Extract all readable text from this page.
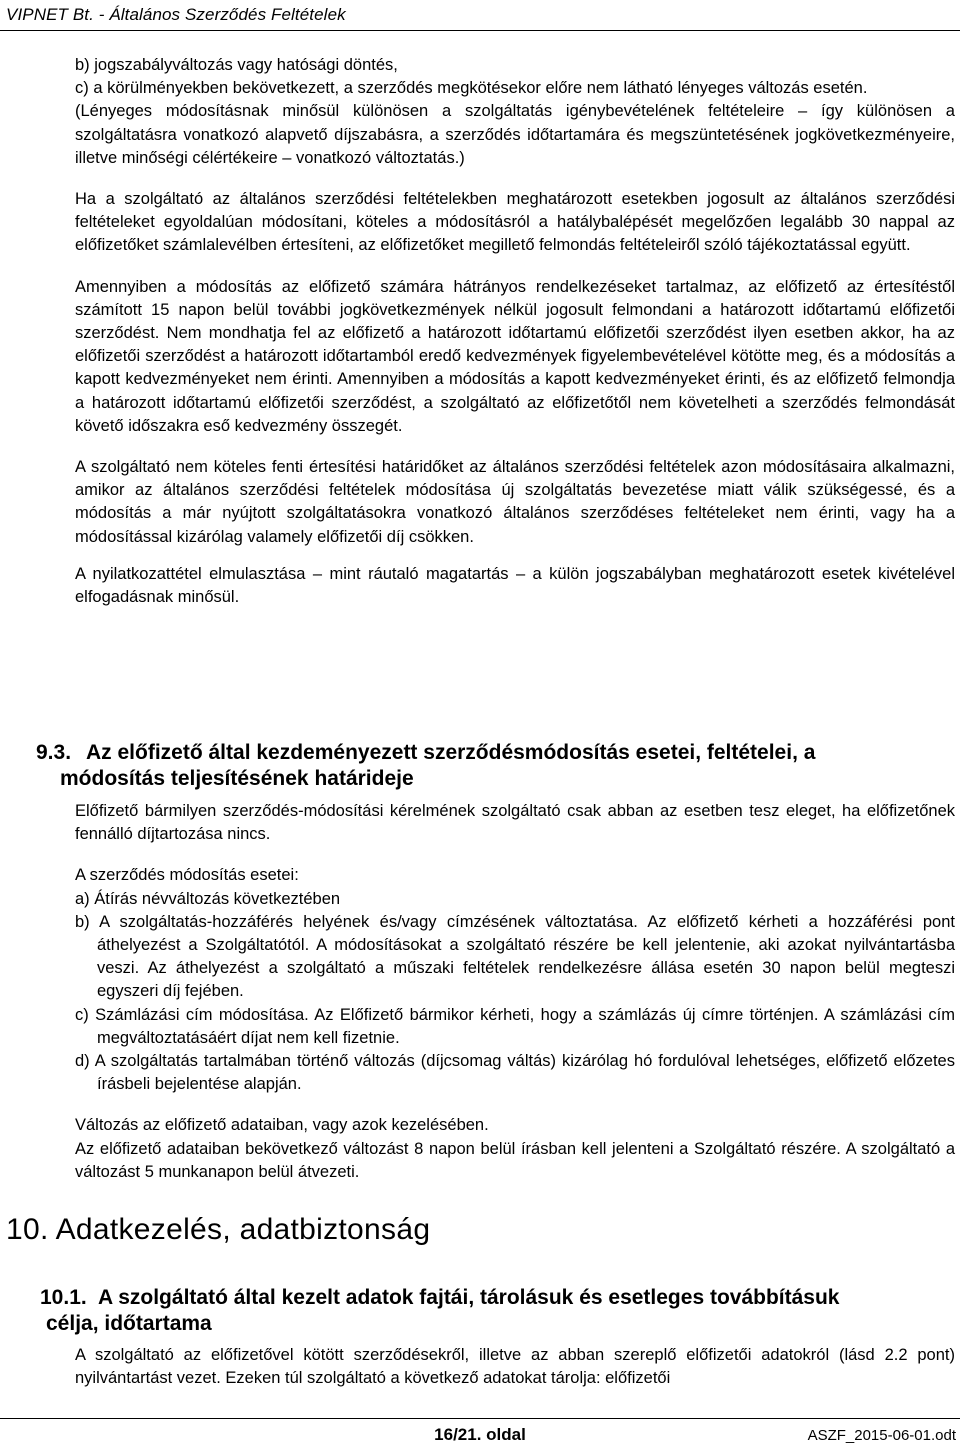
VIPNET Bt. - Általános Szerződés Feltételek

b) jogszabályváltozás vagy hatósági döntés,

c) a körülményekben bekövetkezett, a szerződés megkötésekor előre nem látható lényeges változás esetén.

(Lényeges módosításnak minősül különösen a szolgáltatás igénybevételének feltételeire – így különösen a szolgáltatásra vonatkozó alapvető díjszabásra, a szerződés időtartamára és megszüntetésének jogkövetkezményeire, illetve minőségi célértékeire – vonatkozó változtatás.)

Ha a szolgáltató az általános szerződési feltételekben meghatározott esetekben jogosult az általános szerződési feltételeket egyoldalúan módosítani, köteles a módosításról a hatálybalépését megelőzően legalább 30 nappal az előfizetőket számlalevélben értesíteni, az előfizetőket megillető felmondás feltételeiről szóló tájékoztatással együtt.

Amennyiben a módosítás az előfizető számára hátrányos rendelkezéseket tartalmaz, az előfizető az értesítéstől számított 15 napon belül további jogkövetkezmények nélkül jogosult felmondani a határozott időtartamú előfizetői szerződést. Nem mondhatja fel az előfizető a határozott időtartamú előfizetői szerződést ilyen esetben akkor, ha az előfizetői szerződést a határozott időtartamból eredő kedvezmények figyelembevételével kötötte meg, és a módosítás a kapott kedvezményeket nem érinti. Amennyiben a módosítás a kapott kedvezményeket érinti, és az előfizető felmondja a határozott időtartamú előfizetői szerződést, a szolgáltató az előfizetőtől nem követelheti a szerződés felmondását követő időszakra eső kedvezmény összegét.

A szolgáltató nem köteles fenti értesítési határidőket az általános szerződési feltételek azon módosításaira alkalmazni, amikor az általános szerződési feltételek módosítása új szolgáltatás bevezetése miatt válik szükségessé, és a módosítás a már nyújtott szolgáltatásokra vonatkozó általános szerződéses feltételeket nem érinti, vagy ha a módosítással kizárólag valamely előfizetői díj csökken.

A nyilatkozattétel elmulasztása – mint ráutaló magatartás – a külön jogszabályban meghatározott esetek kivételével elfogadásnak minősül.

9.3. Az előfizető által kezdeményezett szerződésmódosítás esetei, feltételei, a
módosítás teljesítésének határideje

Előfizető bármilyen szerződés-módosítási kérelmének szolgáltató csak abban az esetben tesz eleget, ha előfizetőnek fennálló díjtartozása nincs.

A szerződés módosítás esetei:

a) Átírás névváltozás következtében

b) A szolgáltatás-hozzáférés helyének és/vagy címzésének változtatása. Az előfizető kérheti a hozzáférési pont áthelyezést a Szolgáltatótól. A módosításokat a szolgáltató részére be kell jelentenie, aki azokat nyilvántartásba veszi. Az áthelyezést a szolgáltató a műszaki feltételek rendelkezésre állása esetén 30 napon belül megteszi egyszeri díj fejében.

c) Számlázási cím módosítása. Az Előfizető bármikor kérheti, hogy a számlázás új címre történjen. A számlázási cím megváltoztatásáért díjat nem kell fizetnie.

d) A szolgáltatás tartalmában történő változás (díjcsomag váltás) kizárólag hó fordulóval lehetséges, előfizető előzetes írásbeli bejelentése alapján.

Változás az előfizető adataiban, vagy azok kezelésében.

Az előfizető adataiban bekövetkező változást 8 napon belül írásban kell jelenteni a Szolgáltató részére. A szolgáltató a változást 5 munkanapon belül átvezeti.

10. Adatkezelés, adatbiztonság
10.1. A szolgáltató által kezelt adatok fajtái, tárolásuk és esetleges továbbításuk
célja, időtartama

A szolgáltató az előfizetővel kötött szerződésekről, illetve az abban szereplő előfizetői adatokról (lásd 2.2 pont) nyilvántartást vezet. Ezeken túl szolgáltató a következő adatokat tárolja: előfizetői

16/21. oldal	ASZF_2015-06-01.odt
